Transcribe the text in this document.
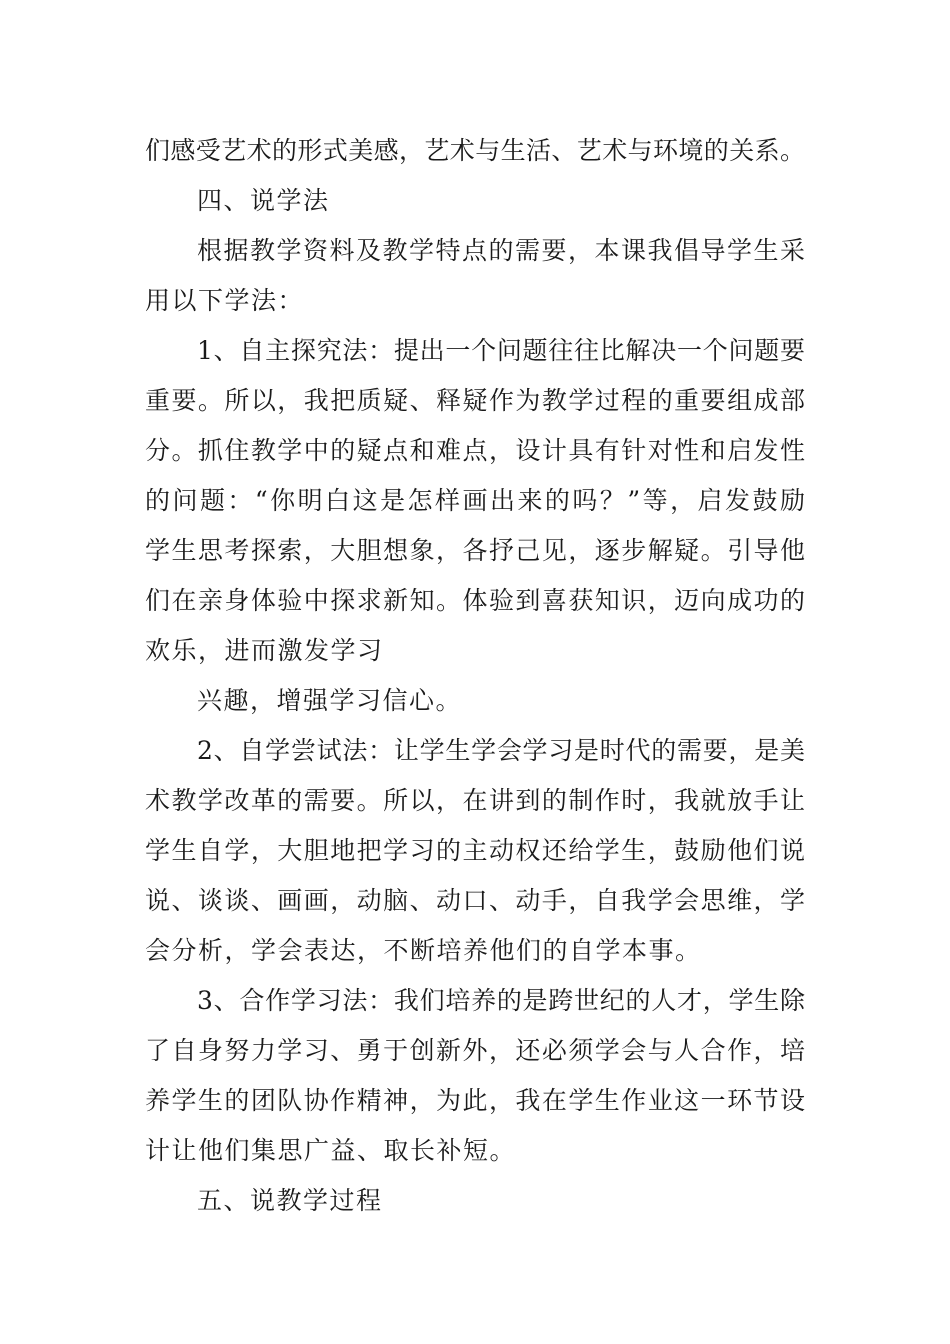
们感受艺术的形式美感，艺术与生活、艺术与环境的关系。
四、说学法
根据教学资料及教学特点的需要，本课我倡导学生采
用以下学法：
1、自主探究法：提出一个问题往往比解决一个问题要
重要。所以，我把质疑、释疑作为教学过程的重要组成部
分。抓住教学中的疑点和难点，设计具有针对性和启发性
的问题：“你明白这是怎样画出来的吗？”等，启发鼓励
学生思考探索，大胆想象，各抒己见，逐步解疑。引导他
们在亲身体验中探求新知。体验到喜获知识，迈向成功的
欢乐，进而激发学习
兴趣，增强学习信心。
2、自学尝试法：让学生学会学习是时代的需要，是美
术教学改革的需要。所以，在讲到的制作时，我就放手让
学生自学，大胆地把学习的主动权还给学生，鼓励他们说
说、谈谈、画画，动脑、动口、动手，自我学会思维，学
会分析，学会表达，不断培养他们的自学本事。
3、合作学习法：我们培养的是跨世纪的人才，学生除
了自身努力学习、勇于创新外，还必须学会与人合作，培
养学生的团队协作精神，为此，我在学生作业这一环节设
计让他们集思广益、取长补短。
五、说教学过程
